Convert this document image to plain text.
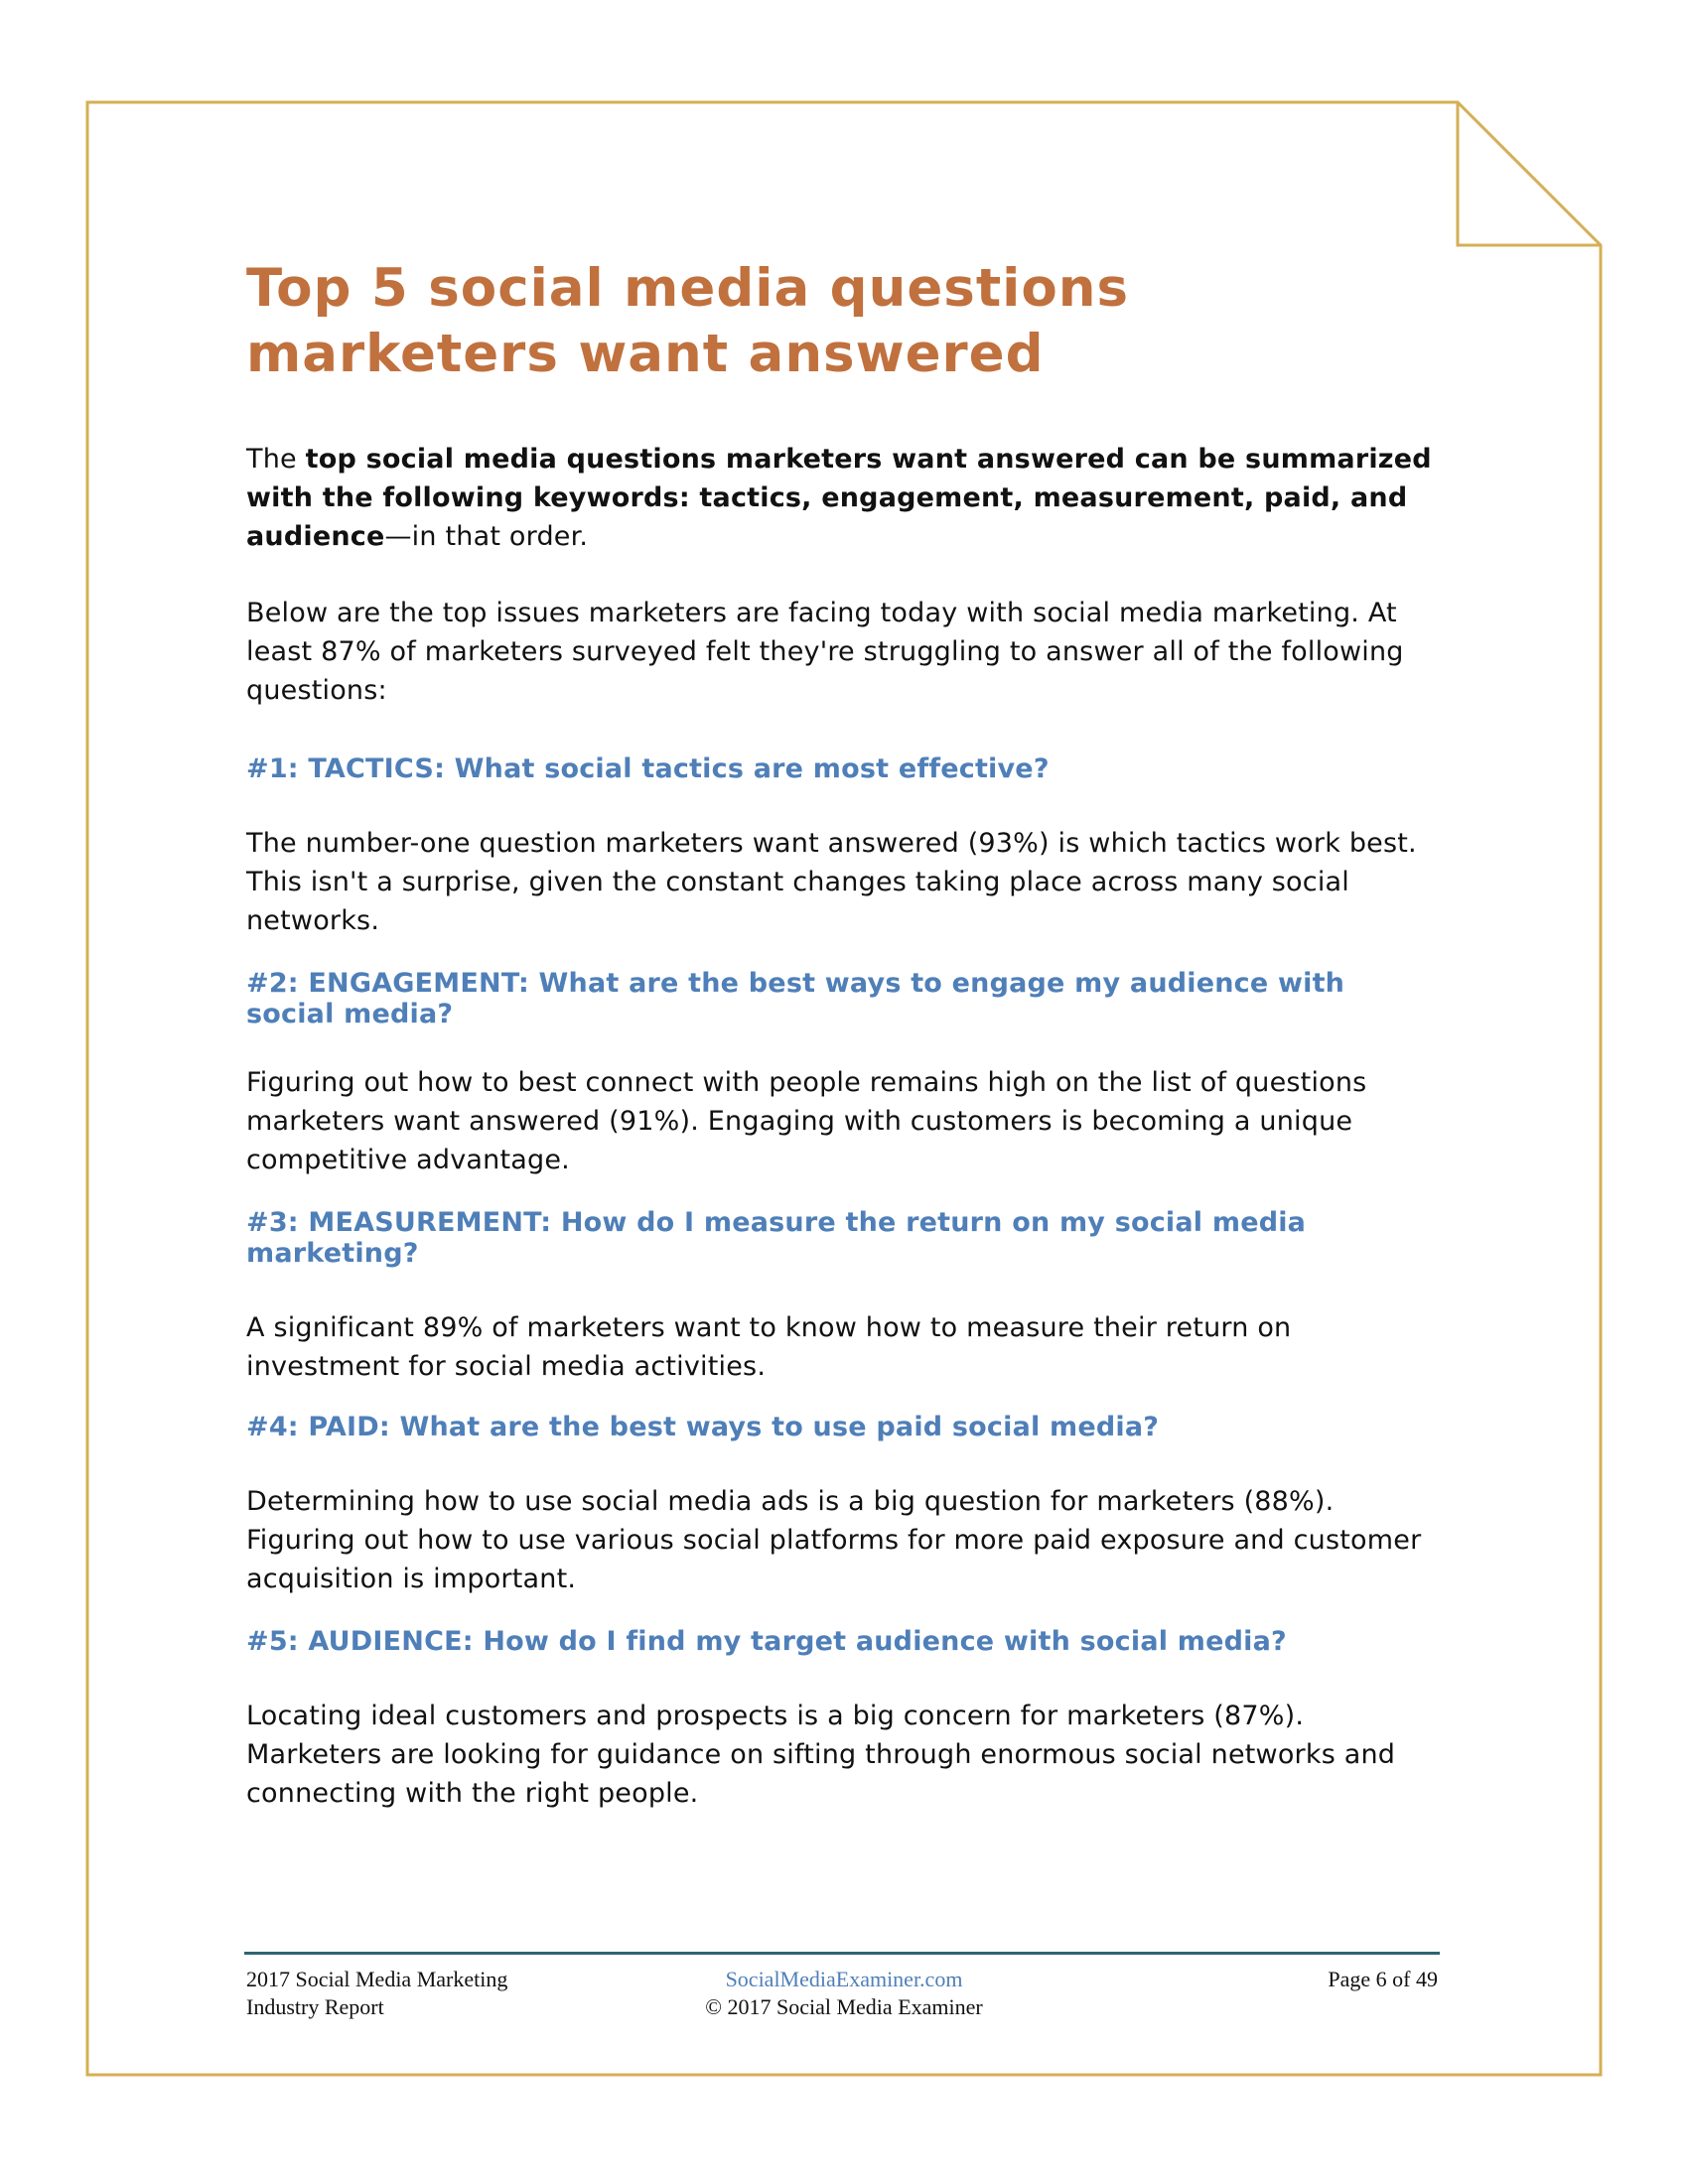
Top 5 social media questions marketers want answered

The top social media questions marketers want answered can be summarized with the following keywords: tactics, engagement, measurement, paid, and audience—in that order.

Below are the top issues marketers are facing today with social media marketing. At least 87% of marketers surveyed felt they're struggling to answer all of the following questions:

#1: TACTICS: What social tactics are most effective?

The number-one question marketers want answered (93%) is which tactics work best. This isn't a surprise, given the constant changes taking place across many social networks.

#2: ENGAGEMENT: What are the best ways to engage my audience with social media?

Figuring out how to best connect with people remains high on the list of questions marketers want answered (91%). Engaging with customers is becoming a unique competitive advantage.

#3: MEASUREMENT: How do I measure the return on my social media marketing?

A significant 89% of marketers want to know how to measure their return on investment for social media activities.

#4: PAID: What are the best ways to use paid social media?

Determining how to use social media ads is a big question for marketers (88%). Figuring out how to use various social platforms for more paid exposure and customer acquisition is important.

#5: AUDIENCE: How do I find my target audience with social media?

Locating ideal customers and prospects is a big concern for marketers (87%). Marketers are looking for guidance on sifting through enormous social networks and connecting with the right people.

2017 Social Media Marketing
Industry Report
SocialMediaExaminer.com
© 2017 Social Media Examiner
Page 6 of 49
